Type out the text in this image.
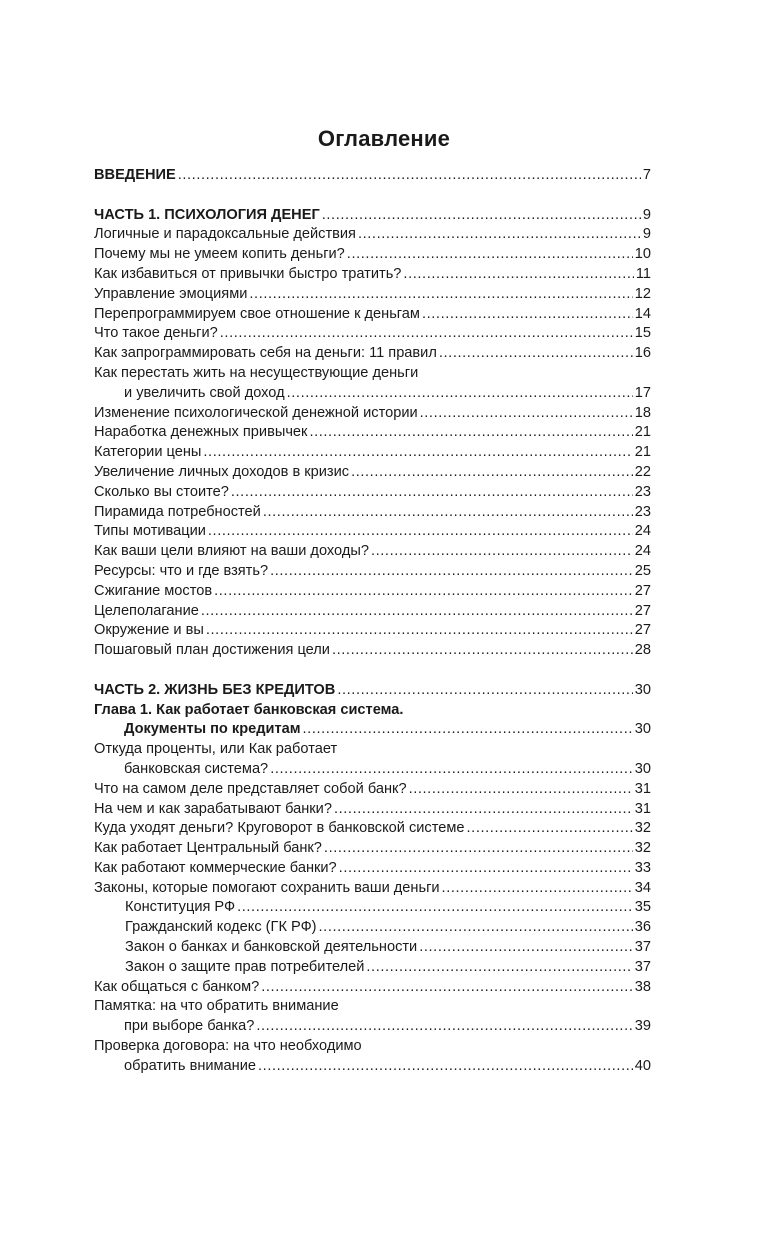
Оглавление
ВВЕДЕНИЕ .....	7
ЧАСТЬ 1. ПСИХОЛОГИЯ ДЕНЕГ .....	9
Логичные и парадоксальные действия .....	9
Почему мы не умеем копить деньги? .....	10
Как избавиться от привычки быстро тратить? .....	11
Управление эмоциями .....	12
Перепрограммируем свое отношение к деньгам .....	14
Что такое деньги? .....	15
Как запрограммировать себя на деньги: 11 правил .....	16
Как перестать жить на несуществующие деньги
и увеличить свой доход .....	17
Изменение психологической денежной истории .....	18
Наработка денежных привычек .....	21
Категории цены .....	21
Увеличение личных доходов в кризис .....	22
Сколько вы стоите? .....	23
Пирамида потребностей .....	23
Типы мотивации .....	24
Как ваши цели влияют на ваши доходы? .....	24
Ресурсы: что и где взять? .....	25
Сжигание мостов .....	27
Целеполагание .....	27
Окружение и вы .....	27
Пошаговый план достижения цели .....	28
ЧАСТЬ 2. ЖИЗНЬ БЕЗ КРЕДИТОВ .....	30
Глава 1. Как работает банковская система.
Документы по кредитам .....	30
Откуда проценты, или Как работает
банковская система? .....	30
Что на самом деле представляет собой банк? .....	31
На чем и как зарабатывают банки? .....	31
Куда уходят деньги? Круговорот в банковской системе .....	32
Как работает Центральный банк? .....	32
Как работают коммерческие банки? .....	33
Законы, которые помогают сохранить ваши деньги .....	34
Конституция РФ .....	35
Гражданский кодекс (ГК РФ) .....	36
Закон о банках и банковской деятельности .....	37
Закон о защите прав потребителей .....	37
Как общаться с банком? .....	38
Памятка: на что обратить внимание
при выборе банка? .....	39
Проверка договора: на что необходимо
обратить внимание .....	40
